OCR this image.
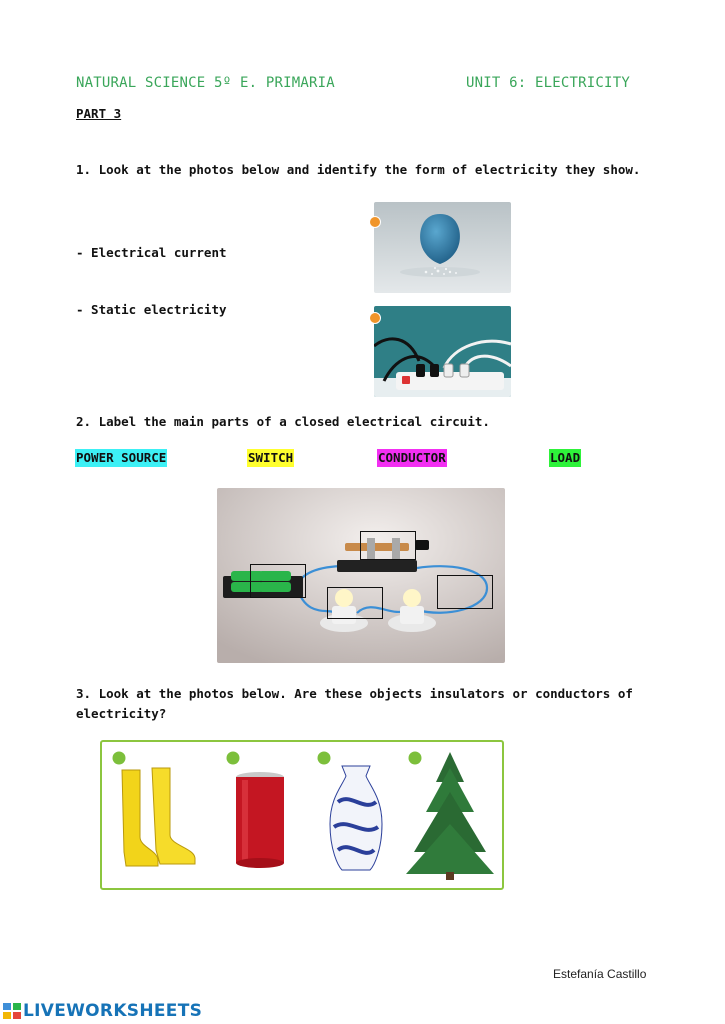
NATURAL SCIENCE 5º E. PRIMARIA	UNIT 6: ELECTRICITY
PART 3
1. Look at the photos below and identify the form of electricity they show.
- Electrical current
- Static electricity
2. Label the main parts of a closed electrical circuit.
POWER SOURCE	SWITCH	CONDUCTOR	LOAD
3. Look at the photos below. Are these objects insulators or conductors of
electricity?
Estefanía Castillo
LIVEWORKSHEETS
